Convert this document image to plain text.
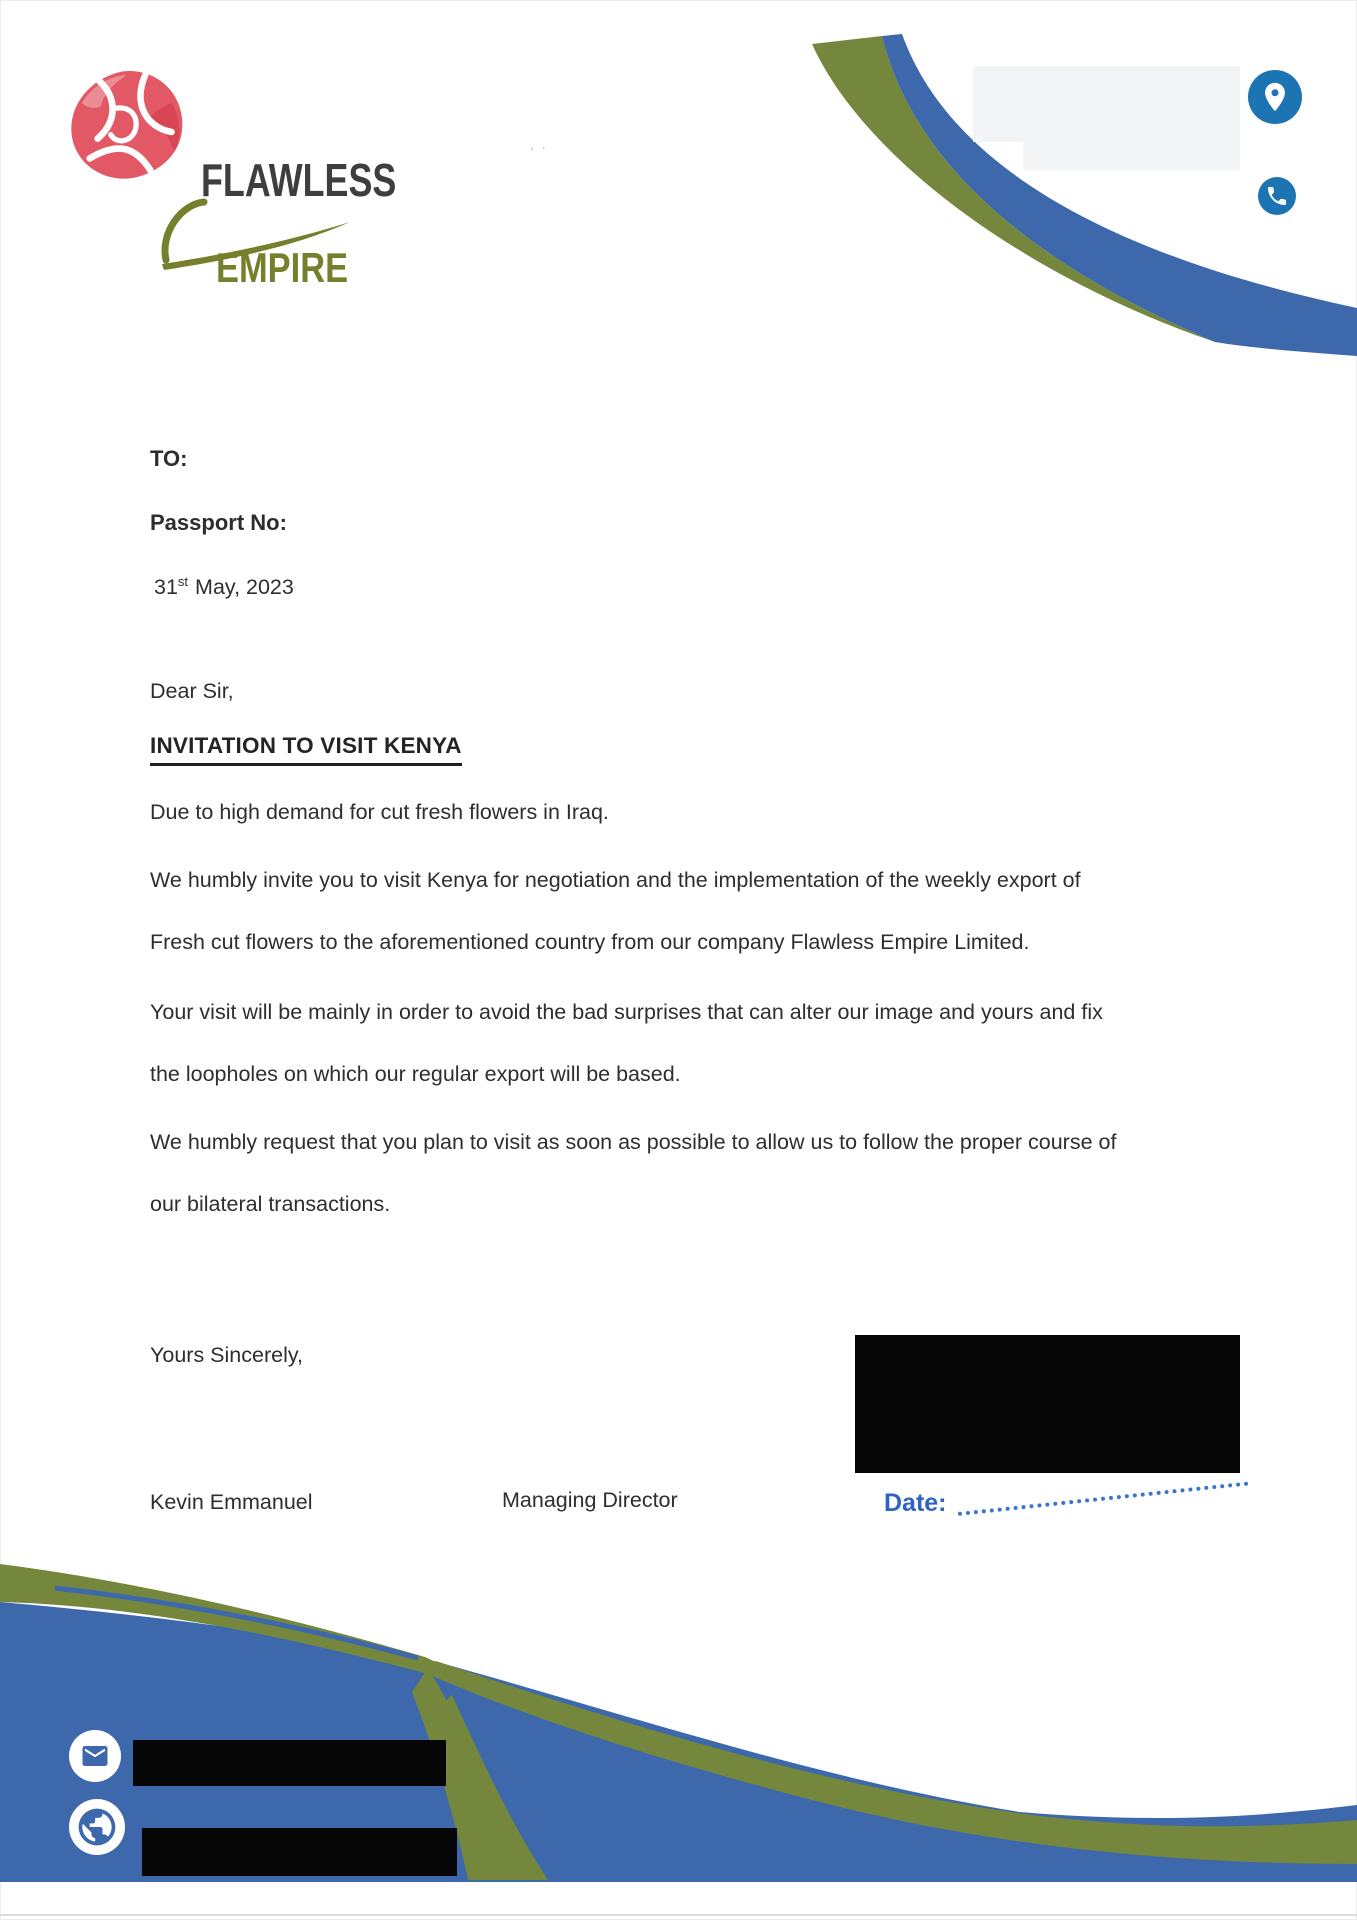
FLAWLESS
EMPIRE
, .
TO:
Passport No:
31st May, 2023
Dear Sir,
INVITATION TO VISIT KENYA

Due to high demand for cut fresh flowers in Iraq.

We humbly invite you to visit Kenya for negotiation and the implementation of the weekly export of

Fresh cut flowers to the aforementioned country from our company Flawless Empire Limited.

Your visit will be mainly in order to avoid the bad surprises that can alter our image and yours and fix

the loopholes on which our regular export will be based.

We humbly request that you plan to visit as soon as possible to allow us to follow the proper course of

our bilateral transactions.

Yours Sincerely,
Kevin Emmanuel	Managing Director	Date:
